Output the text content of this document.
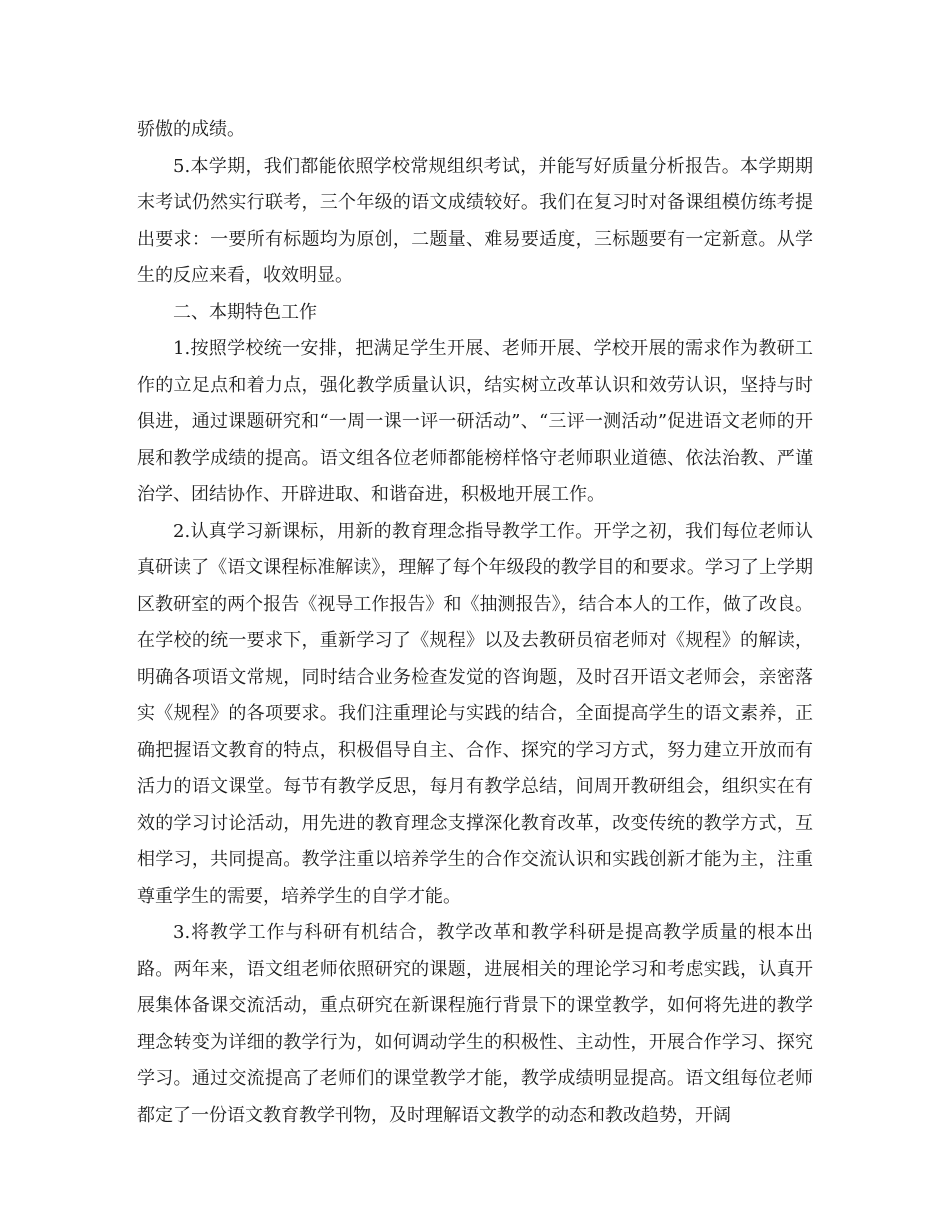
骄傲的成绩。

5.本学期，我们都能依照学校常规组织考试，并能写好质量分析报告。本学期期末考试仍然实行联考，三个年级的语文成绩较好。我们在复习时对备课组模仿练考提出要求：一要所有标题均为原创，二题量、难易要适度，三标题要有一定新意。从学生的反应来看，收效明显。

二、本期特色工作

1.按照学校统一安排，把满足学生开展、老师开展、学校开展的需求作为教研工作的立足点和着力点，强化教学质量认识，结实树立改革认识和效劳认识，坚持与时俱进，通过课题研究和“一周一课一评一研活动”、“三评一测活动”促进语文老师的开展和教学成绩的提高。语文组各位老师都能榜样恪守老师职业道德、依法治教、严谨治学、团结协作、开辟进取、和谐奋进，积极地开展工作。

2.认真学习新课标，用新的教育理念指导教学工作。开学之初，我们每位老师认真研读了《语文课程标准解读》，理解了每个年级段的教学目的和要求。学习了上学期区教研室的两个报告《视导工作报告》和《抽测报告》，结合本人的工作，做了改良。在学校的统一要求下，重新学习了《规程》以及去教研员宿老师对《规程》的解读，明确各项语文常规，同时结合业务检查发觉的咨询题，及时召开语文老师会，亲密落实《规程》的各项要求。我们注重理论与实践的结合，全面提高学生的语文素养，正确把握语文教育的特点，积极倡导自主、合作、探究的学习方式，努力建立开放而有活力的语文课堂。每节有教学反思，每月有教学总结，间周开教研组会，组织实在有效的学习讨论活动，用先进的教育理念支撑深化教育改革，改变传统的教学方式，互相学习，共同提高。教学注重以培养学生的合作交流认识和实践创新才能为主，注重尊重学生的需要，培养学生的自学才能。

3.将教学工作与科研有机结合，教学改革和教学科研是提高教学质量的根本出路。两年来，语文组老师依照研究的课题，进展相关的理论学习和考虑实践，认真开展集体备课交流活动，重点研究在新课程施行背景下的课堂教学，如何将先进的教学理念转变为详细的教学行为，如何调动学生的积极性、主动性，开展合作学习、探究学习。通过交流提高了老师们的课堂教学才能，教学成绩明显提高。语文组每位老师都定了一份语文教育教学刊物，及时理解语文教学的动态和教改趋势，开阔
